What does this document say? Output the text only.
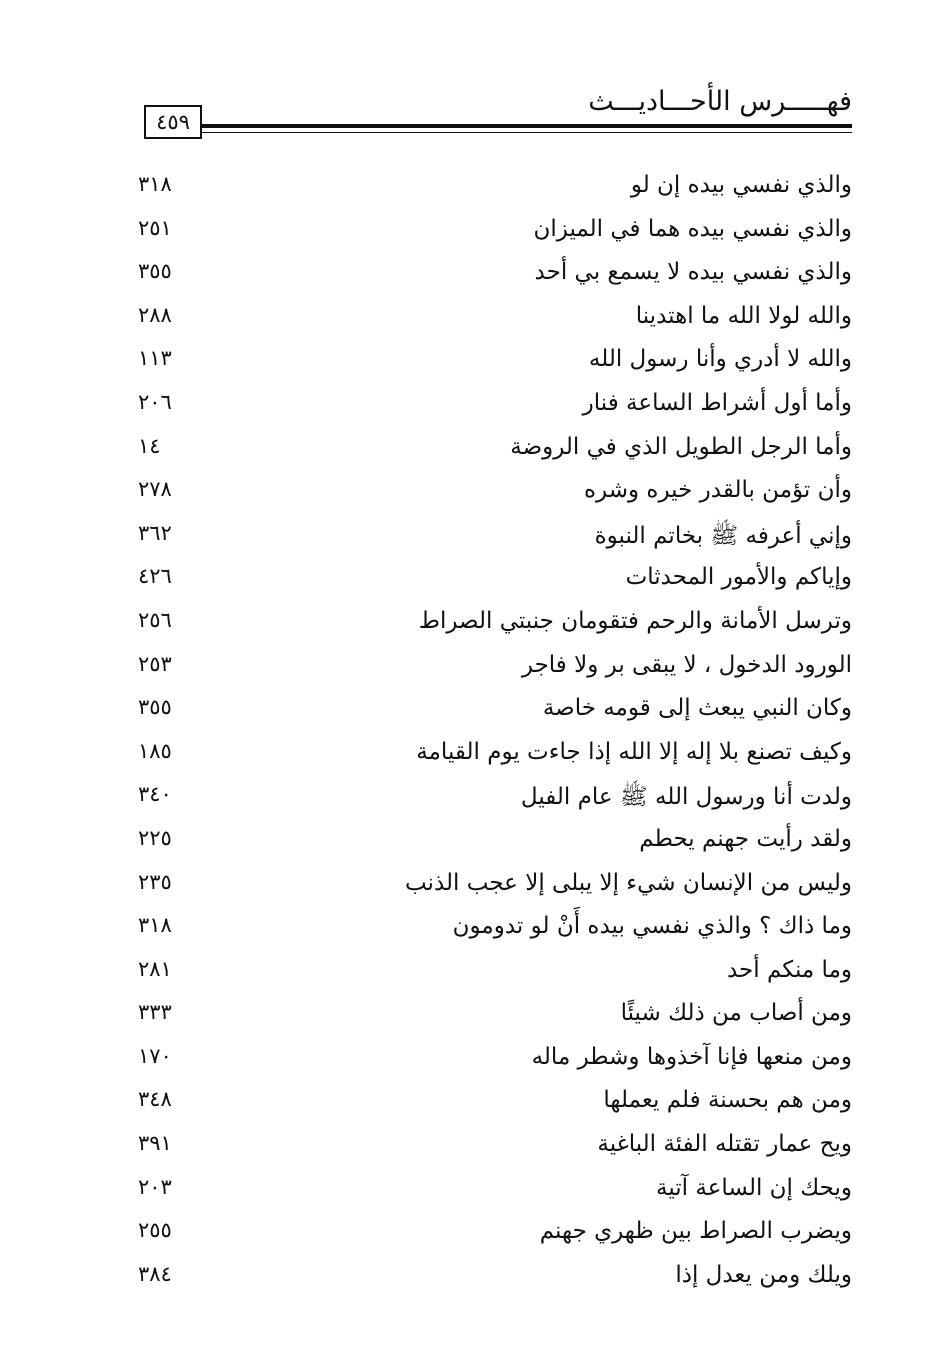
فهـــــرس الأحـــاديـــث
٤٥٩
والذي نفسي بيده إن لو
٣١٨
والذي نفسي بيده هما في الميزان
٢٥١
والذي نفسي بيده لا يسمع بي أحد
٣٥٥
والله لولا الله ما اهتدينا
٢٨٨
والله لا أدري وأنا رسول الله
١١٣
وأما أول أشراط الساعة فنار
٢٠٦
وأما الرجل الطويل الذي في الروضة
١٤
وأن تؤمن بالقدر خيره وشره
٢٧٨
وإني أعرفه ﷺ بخاتم النبوة
٣٦٢
وإياكم والأمور المحدثات
٤٢٦
وترسل الأمانة والرحم فتقومان جنبتي الصراط
٢٥٦
الورود الدخول ، لا يبقى بر ولا فاجر
٢٥٣
وكان النبي يبعث إلى قومه خاصة
٣٥٥
وكيف تصنع بلا إله إلا الله إذا جاءت يوم القيامة
١٨٥
ولدت أنا ورسول الله ﷺ عام الفيل
٣٤٠
ولقد رأيت جهنم يحطم
٢٢٥
وليس من الإنسان شيء إلا يبلى إلا عجب الذنب
٢٣٥
وما ذاك ؟ والذي نفسي بيده أَنْ لو تدومون
٣١٨
وما منكم أحد
٢٨١
ومن أصاب من ذلك شيئًا
٣٣٣
ومن منعها فإنا آخذوها وشطر ماله
١٧٠
ومن هم بحسنة فلم يعملها
٣٤٨
ويح عمار تقتله الفئة الباغية
٣٩١
ويحك إن الساعة آتية
٢٠٣
ويضرب الصراط بين ظهري جهنم
٢٥٥
ويلك ومن يعدل إذا
٣٨٤
